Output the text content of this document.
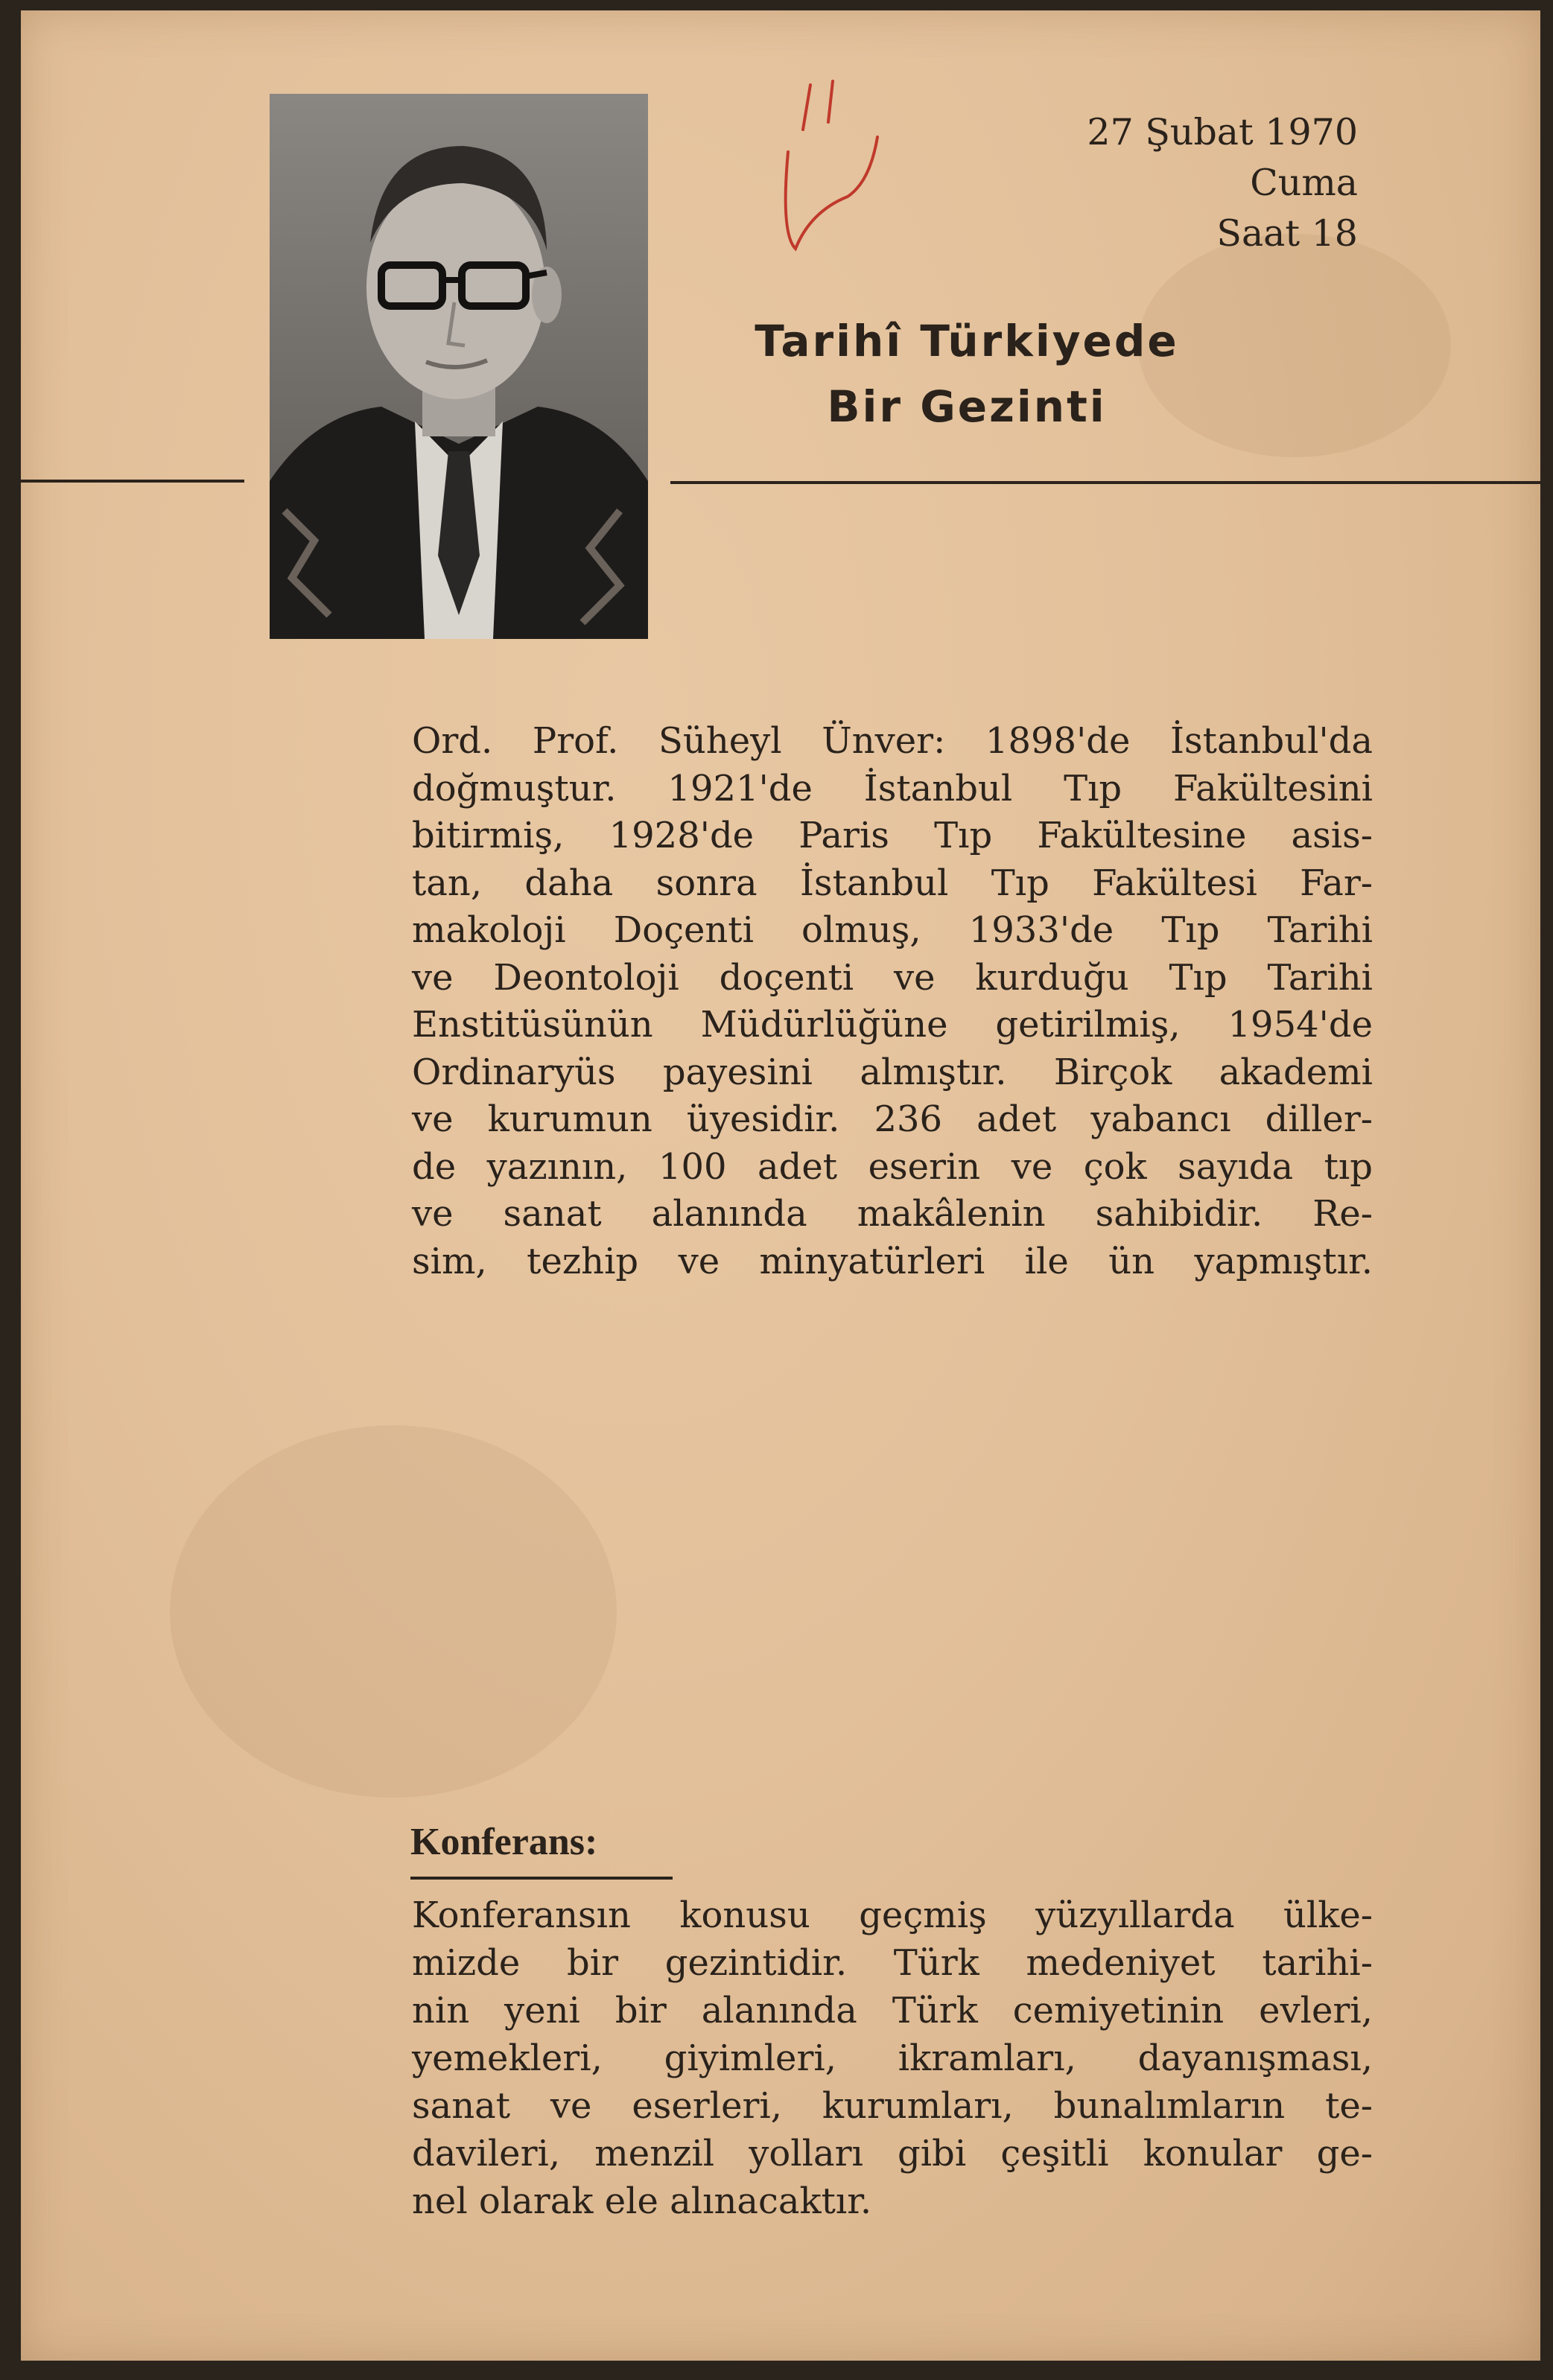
27 Şubat 1970
Cuma
Saat 18
Tarihî Türkiyede
Bir Gezinti
Ord. Prof. Süheyl Ünver: 1898'de İstanbul'da
doğmuştur. 1921'de İstanbul Tıp Fakültesini
bitirmiş, 1928'de Paris Tıp Fakültesine asis-
tan, daha sonra İstanbul Tıp Fakültesi Far-
makoloji Doçenti olmuş, 1933'de Tıp Tarihi
ve Deontoloji doçenti ve kurduğu Tıp Tarihi
Enstitüsünün Müdürlüğüne getirilmiş, 1954'de
Ordinaryüs payesini almıştır. Birçok akademi
ve kurumun üyesidir. 236 adet yabancı diller-
de yazının, 100 adet eserin ve çok sayıda tıp
ve sanat alanında makâlenin sahibidir. Re-
sim, tezhip ve minyatürleri ile ün yapmıştır.
Konferans:
Konferansın konusu geçmiş yüzyıllarda ülke-
mizde bir gezintidir. Türk medeniyet tarihi-
nin yeni bir alanında Türk cemiyetinin evleri,
yemekleri, giyimleri, ikramları, dayanışması,
sanat ve eserleri, kurumları, bunalımların te-
davileri, menzil yolları gibi çeşitli konular ge-
nel olarak ele alınacaktır.
